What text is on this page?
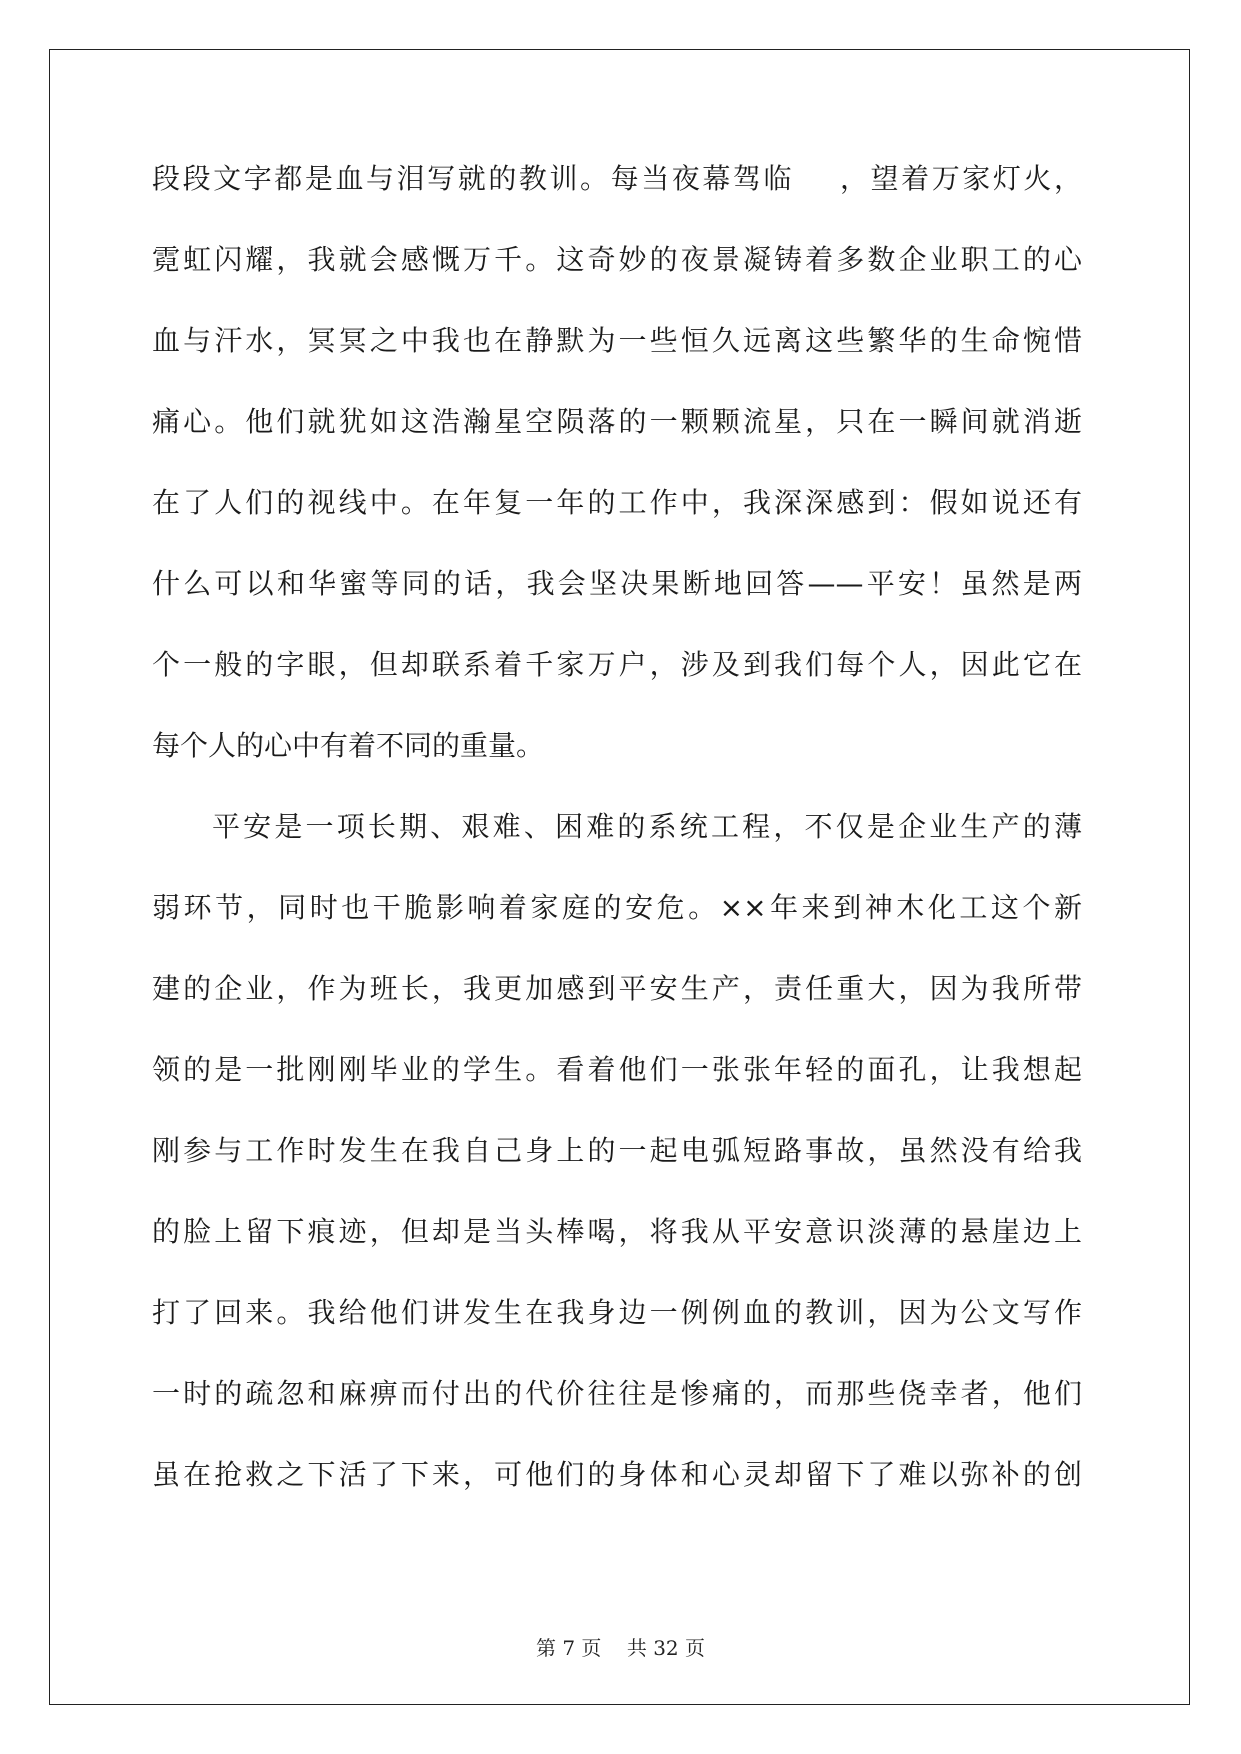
段段文字都是血与泪写就的教训。每当夜幕驾临    ，望着万家灯火，
霓虹闪耀，我就会感慨万千。这奇妙的夜景凝铸着多数企业职工的心
血与汗水，冥冥之中我也在静默为一些恒久远离这些繁华的生命惋惜
痛心。他们就犹如这浩瀚星空陨落的一颗颗流星，只在一瞬间就消逝
在了人们的视线中。在年复一年的工作中，我深深感到：假如说还有
什么可以和华蜜等同的话，我会坚决果断地回答——平安！虽然是两
个一般的字眼，但却联系着千家万户，涉及到我们每个人，因此它在
每个人的心中有着不同的重量。
平安是一项长期、艰难、困难的系统工程，不仅是企业生产的薄
弱环节，同时也干脆影响着家庭的安危。××年来到神木化工这个新
建的企业，作为班长，我更加感到平安生产，责任重大，因为我所带
领的是一批刚刚毕业的学生。看着他们一张张年轻的面孔，让我想起
刚参与工作时发生在我自己身上的一起电弧短路事故，虽然没有给我
的脸上留下痕迹，但却是当头棒喝，将我从平安意识淡薄的悬崖边上
打了回来。我给他们讲发生在我身边一例例血的教训，因为公文写作
一时的疏忽和麻痹而付出的代价往往是惨痛的，而那些侥幸者，他们
虽在抢救之下活了下来，可他们的身体和心灵却留下了难以弥补的创
第 7 页    共 32 页
